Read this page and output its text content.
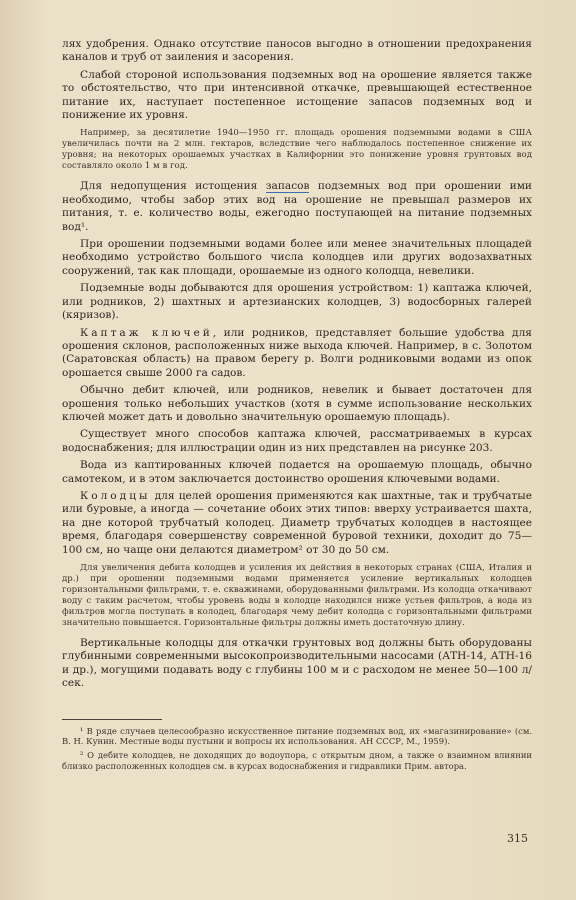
лях удобрения. Однако отсутствие паносов выгодно в отношении предохранения каналов и труб от заиления и засорения.

Слабой стороной использования подземных вод на орошение является также то обстоятельство, что при интенсивной откачке, превышающей естественное питание их, наступает постепенное истощение запасов подземных вод и понижение их уровня.

Например, за десятилетие 1940—1950 гг. площадь орошения подземными водами в США увеличилась почти на 2 млн. гектаров, вследствие чего наблюдалось постепенное снижение их уровня; на некоторых орошаемых участках в Калифорнии это понижение уровня грунтовых вод составляло около 1 м в год.

Для недопущения истощения запасов подземных вод при орошении ими необходимо, чтобы забор этих вод на орошение не превышал размеров их питания, т. е. количество воды, ежегодно поступающей на питание подземных вод¹.

При орошении подземными водами более или менее значительных площадей необходимо устройство большого числа колодцев или других водозахватных сооружений, так как площади, орошаемые из одного колодца, невелики.

Подземные воды добываются для орошения устройством: 1) каптажа ключей, или родников, 2) шахтных и артезианских колодцев, 3) водосборных галерей (кяризов).

Каптаж ключей, или родников, представляет большие удобства для орошения склонов, расположенных ниже выхода ключей. Например, в с. Золотом (Саратовская область) на правом берегу р. Волги родниковыми водами из опок орошается свыше 2000 га садов.

Обычно дебит ключей, или родников, невелик и бывает достаточен для орошения только небольших участков (хотя в сумме использование нескольких ключей может дать и довольно значительную орошаемую площадь).

Существует много способов каптажа ключей, рассматриваемых в курсах водоснабжения; для иллюстрации один из них представлен на рисунке 203.

Вода из каптированных ключей подается на орошаемую площадь, обычно самотеком, и в этом заключается достоинство орошения ключевыми водами.

Колодцы для целей орошения применяются как шахтные, так и трубчатые или буровые, а иногда — сочетание обоих этих типов: вверху устраивается шахта, на дне которой трубчатый колодец. Диаметр трубчатых колодцев в настоящее время, благодаря совершенству современной буровой техники, доходит до 75—100 см, но чаще они делаются диаметром² от 30 до 50 см.

Для увеличения дебита колодцев и усиления их действия в некоторых странах (США, Италия и др.) при орошении подземными водами применяется усиление вертикальных колодцев горизонтальными фильтрами, т. е. скважинами, оборудованными фильтрами. Из колодца откачивают воду с таким расчетом, чтобы уровень воды в колодце находился ниже устьев фильтров, а вода из фильтров могла поступать в колодец, благодаря чему дебит колодца с горизонтальными фильтрами значительно повышается. Горизонтальные фильтры должны иметь достаточную длину.

Вертикальные колодцы для откачки грунтовых вод должны быть оборудованы глубинными современными высокопроизводительными насосами (АТН-14, АТН-16 и др.), могущими подавать воду с глубины 100 м и с расходом не менее 50—100 л/сек.

¹ В ряде случаев целесообразно искусственное питание подземных вод, их «магазинирование» (см. В. Н. Кунин. Местные воды пустыни и вопросы их использования. АН СССР, М., 1959).

² О дебите колодцев, не доходящих до водоупора, с открытым дном, а также о взаимном влиянии близко расположенных колодцев см. в курсах водоснабжения и гидравлики Прим. автора.

315
